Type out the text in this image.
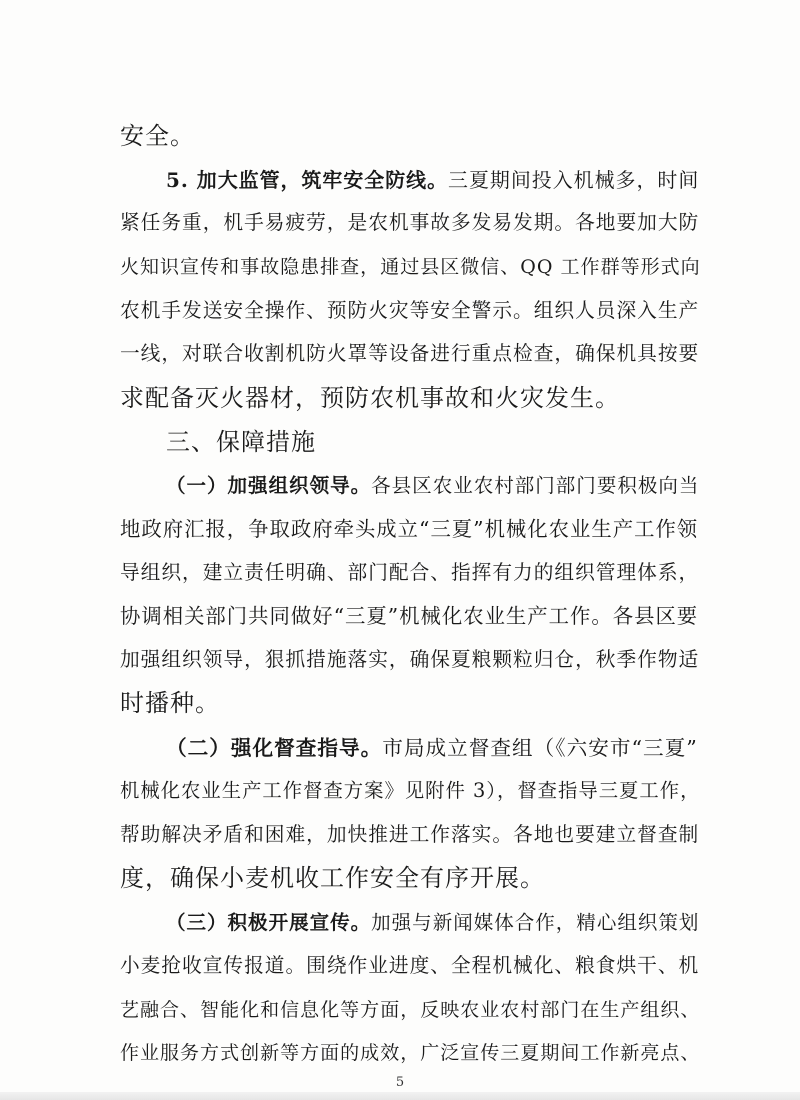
安全。
5. 加大监管，筑牢安全防线。三夏期间投入机械多，时间
紧任务重，机手易疲劳，是农机事故多发易发期。各地要加大防
火知识宣传和事故隐患排查，通过县区微信、QQ 工作群等形式向
农机手发送安全操作、预防火灾等安全警示。组织人员深入生产
一线，对联合收割机防火罩等设备进行重点检查，确保机具按要
求配备灭火器材，预防农机事故和火灾发生。
三、保障措施
（一）加强组织领导。各县区农业农村部门部门要积极向当
地政府汇报，争取政府牵头成立“三夏”机械化农业生产工作领
导组织，建立责任明确、部门配合、指挥有力的组织管理体系，
协调相关部门共同做好“三夏”机械化农业生产工作。各县区要
加强组织领导，狠抓措施落实，确保夏粮颗粒归仓，秋季作物适
时播种。
（二）强化督查指导。市局成立督查组（《六安市“三夏”
机械化农业生产工作督查方案》见附件 3），督查指导三夏工作，
帮助解决矛盾和困难，加快推进工作落实。各地也要建立督查制
度，确保小麦机收工作安全有序开展。
（三）积极开展宣传。加强与新闻媒体合作，精心组织策划
小麦抢收宣传报道。围绕作业进度、全程机械化、粮食烘干、机
艺融合、智能化和信息化等方面，反映农业农村部门在生产组织、
作业服务方式创新等方面的成效，广泛宣传三夏期间工作新亮点、
5
